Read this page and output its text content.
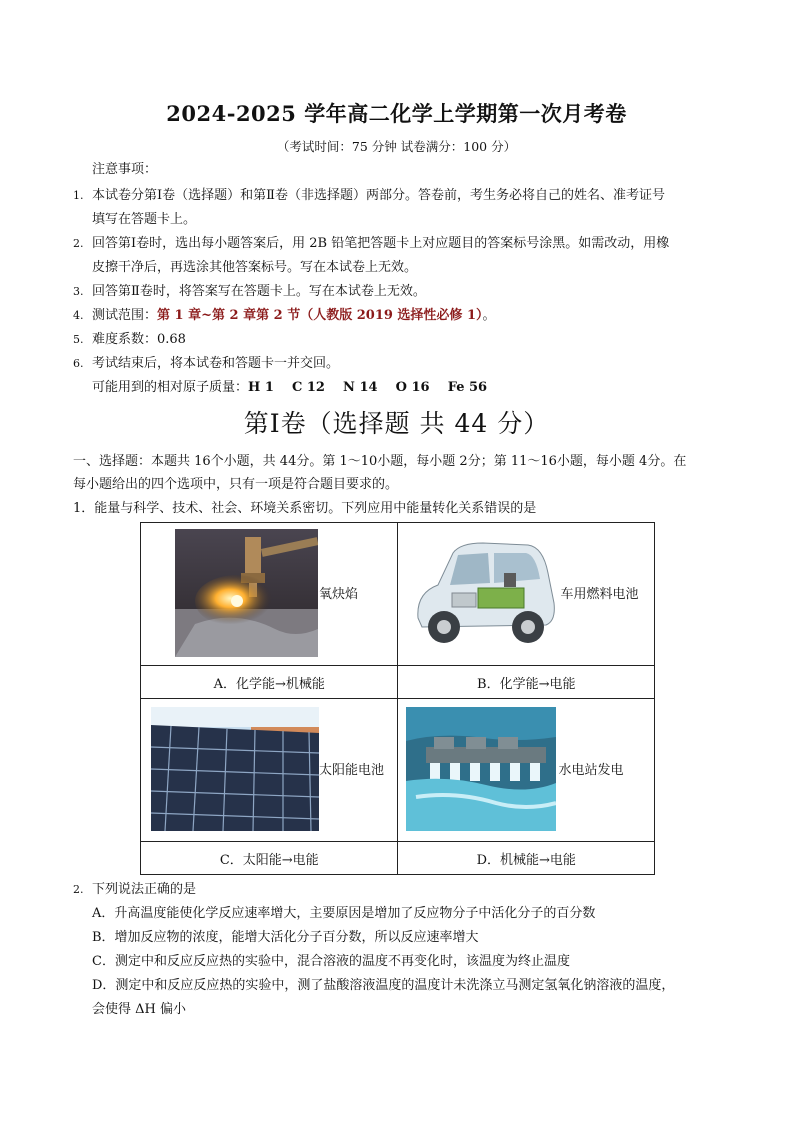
2024-2025 学年高二化学上学期第一次月考卷
（考试时间：75 分钟 试卷满分：100 分）
注意事项：
1. 本试卷分第Ⅰ卷（选择题）和第Ⅱ卷（非选择题）两部分。答卷前，考生务必将自己的姓名、准考证号
填写在答题卡上。
2. 回答第Ⅰ卷时，选出每小题答案后，用 2B 铅笔把答题卡上对应题目的答案标号涂黑。如需改动，用橡
皮擦干净后，再选涂其他答案标号。写在本试卷上无效。
3. 回答第Ⅱ卷时，将答案写在答题卡上。写在本试卷上无效。
4. 测试范围：第 1 章~第 2 章第 2 节（人教版 2019 选择性必修 1）。
5. 难度系数：0.68
6. 考试结束后，将本试卷和答题卡一并交回。
可能用到的相对原子质量：H 1    C 12    N 14    O 16    Fe 56
第Ⅰ卷（选择题 共 44 分）
一、选择题：本题共 16个小题，共 44分。第 1～10小题，每小题 2分；第 11～16小题，每小题 4分。在
每小题给出的四个选项中，只有一项是符合题目要求的。
1．能量与科学、技术、社会、环境关系密切。下列应用中能量转化关系错误的是
氧炔焰	车用燃料电池

A．化学能→机械能	B．化学能→电能

太阳能电池	水电站发电

C．太阳能→电能	D．机械能→电能
2. 下列说法正确的是
A．升高温度能使化学反应速率增大，主要原因是增加了反应物分子中活化分子的百分数
B．增加反应物的浓度，能增大活化分子百分数，所以反应速率增大
C．测定中和反应反应热的实验中，混合溶液的温度不再变化时，该温度为终止温度
D．测定中和反应反应热的实验中，测了盐酸溶液温度的温度计未洗涤立马测定氢氧化钠溶液的温度，
会使得 ΔH 偏小
